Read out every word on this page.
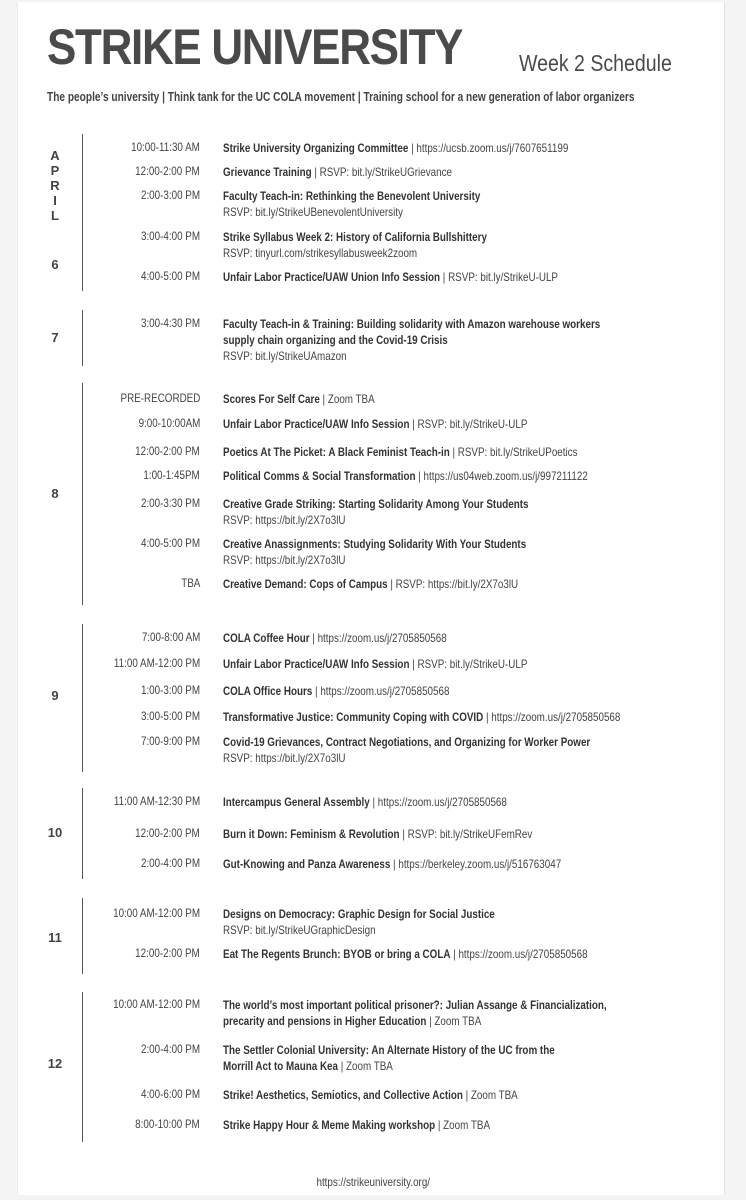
STRIKE UNIVERSITY Week 2 Schedule
The people’s university | Think tank for the UC COLA movement | Training school for a new generation of labor organizers
A
P
R
I
L
6
10:00-11:30 AM Strike University Organizing Committee | https://ucsb.zoom.us/j/7607651199
12:00-2:00 PM Grievance Training | RSVP: bit.ly/StrikeUGrievance
2:00-3:00 PM Faculty Teach-in: Rethinking the Benevolent University
RSVP: bit.ly/StrikeUBenevolentUniversity
3:00-4:00 PM Strike Syllabus Week 2: History of California Bullshittery
RSVP: tinyurl.com/strikesyllabusweek2zoom
4:00-5:00 PM Unfair Labor Practice/UAW Union Info Session | RSVP: bit.ly/StrikeU-ULP
7
3:00-4:30 PM Faculty Teach-in & Training: Building solidarity with Amazon warehouse workers
supply chain organizing and the Covid-19 Crisis
RSVP: bit.ly/StrikeUAmazon
8
PRE-RECORDED Scores For Self Care | Zoom TBA
9:00-10:00AM Unfair Labor Practice/UAW Info Session | RSVP: bit.ly/StrikeU-ULP
12:00-2:00 PM Poetics At The Picket: A Black Feminist Teach-in | RSVP: bit.ly/StrikeUPoetics
1:00-1:45PM Political Comms & Social Transformation | https://us04web.zoom.us/j/997211122
2:00-3:30 PM Creative Grade Striking: Starting Solidarity Among Your Students
RSVP: https://bit.ly/2X7o3lU
4:00-5:00 PM Creative Anassignments: Studying Solidarity With Your Students
RSVP: https://bit.ly/2X7o3lU
TBA Creative Demand: Cops of Campus | RSVP: https://bit.ly/2X7o3lU
9
7:00-8:00 AM COLA Coffee Hour | https://zoom.us/j/2705850568
11:00 AM-12:00 PM Unfair Labor Practice/UAW Info Session | RSVP: bit.ly/StrikeU-ULP
1:00-3:00 PM COLA Office Hours | https://zoom.us/j/2705850568
3:00-5:00 PM Transformative Justice: Community Coping with COVID | https://zoom.us/j/2705850568
7:00-9:00 PM Covid-19 Grievances, Contract Negotiations, and Organizing for Worker Power
RSVP: https://bit.ly/2X7o3lU
10
11:00 AM-12:30 PM Intercampus General Assembly | https://zoom.us/j/2705850568
12:00-2:00 PM Burn it Down: Feminism & Revolution | RSVP: bit.ly/StrikeUFemRev
2:00-4:00 PM Gut-Knowing and Panza Awareness | https://berkeley.zoom.us/j/516763047
11
10:00 AM-12:00 PM Designs on Democracy: Graphic Design for Social Justice
RSVP: bit.ly/StrikeUGraphicDesign
12:00-2:00 PM Eat The Regents Brunch: BYOB or bring a COLA | https://zoom.us/j/2705850568
12
10:00 AM-12:00 PM The world’s most important political prisoner?: Julian Assange & Financialization,
precarity and pensions in Higher Education | Zoom TBA
2:00-4:00 PM The Settler Colonial University: An Alternate History of the UC from the
Morrill Act to Mauna Kea | Zoom TBA
4:00-6:00 PM Strike! Aesthetics, Semiotics, and Collective Action | Zoom TBA
8:00-10:00 PM Strike Happy Hour & Meme Making workshop | Zoom TBA
https://strikeuniversity.org/
